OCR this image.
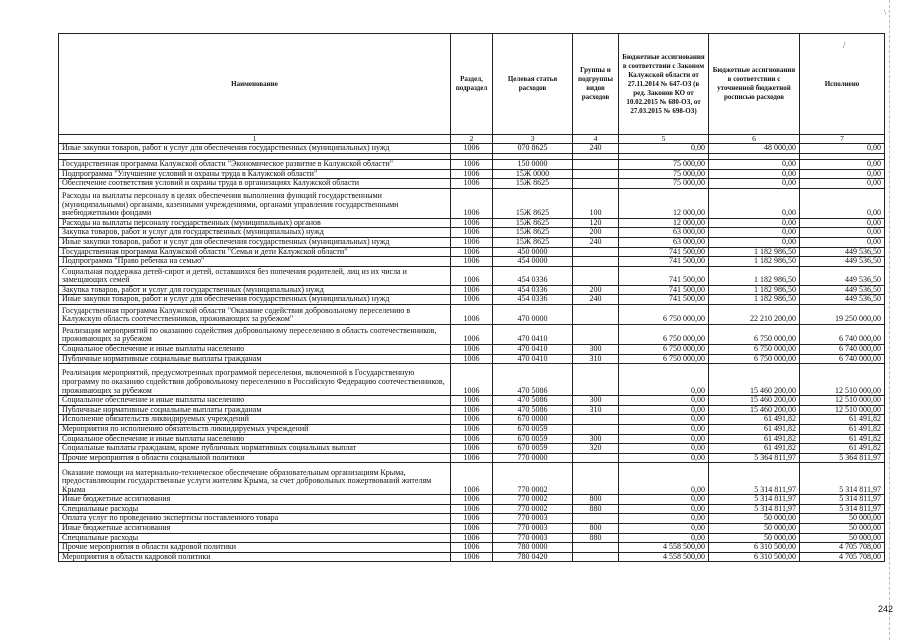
/
\
Наименование	Раздел, подраздел	Целевая статья расходов	Группы и подгруппы видов расходов	Бюджетные ассигнования в соответствии с Законом Калужской области от 27.11.2014 № 647-ОЗ (в ред. Законов КО от 10.02.2015 № 680-ОЗ, от 27.03.2015 № 698-ОЗ)	Бюджетные ассигнования в соответствии с уточненной бюджетной росписью расходов	Исполнено
1	2	3	4	5	6	7
Иные закупки товаров, работ и услуг для обеспечения государственных (муниципальных) нужд	1006	070 8625	240	0,00	48 000,00	0,00

Государственная программа Калужской области "Экономическое развитие в Калужской области"	1006	150 0000		75 000,00	0,00	0,00
Подпрограмма "Улучшение условий и охраны труда в Калужской области"	1006	15Ж 0000		75 000,00	0,00	0,00
Обеспечение соответствия условий и охраны труда в организациях Калужской области	1006	15Ж 8625		75 000,00	0,00	0,00
Расходы на выплаты персоналу в целях обеспечения выполнения функций государственными (муниципальными) органами, казенными учреждениями, органами управления государственными внебюджетными фондами	1006	15Ж 8625	100	12 000,00	0,00	0,00
Расходы на выплаты персоналу государственных (муниципальных) органов	1006	15Ж 8625	120	12 000,00	0,00	0,00
Закупка товаров, работ и услуг для государственных (муниципальных) нужд	1006	15Ж 8625	200	63 000,00	0,00	0,00
Иные закупки товаров, работ и услуг для обеспечения государственных (муниципальных) нужд	1006	15Ж 8625	240	63 000,00	0,00	0,00
Государственная программа Калужской области "Семья и дети Калужской области"	1006	450 0000		741 500,00	1 182 986,50	449 536,50
Подпрограмма "Право ребенка на семью"	1006	454 0000		741 500,00	1 182 986,50	449 536,50
Социальная поддержка детей-сирот и детей, оставшихся без попечения родителей, лиц из их числа и замещающих семей	1006	454 0336		741 500,00	1 182 986,50	449 536,50
Закупка товаров, работ и услуг для государственных (муниципальных) нужд	1006	454 0336	200	741 500,00	1 182 986,50	449 536,50
Иные закупки товаров, работ и услуг для обеспечения государственных (муниципальных) нужд	1006	454 0336	240	741 500,00	1 182 986,50	449 536,50
Государственная программа Калужской области "Оказание содействия добровольному переселению в Калужскую область соотечественников, проживающих за рубежом"	1006	470 0000		6 750 000,00	22 210 200,00	19 250 000,00
Реализация мероприятий по оказанию содействия добровольному переселению в область соотечественников, проживающих за рубежом	1006	470 0410		6 750 000,00	6 750 000,00	6 740 000,00
Социальное обеспечение и иные выплаты населению	1006	470 0410	300	6 750 000,00	6 750 000,00	6 740 000,00
Публичные нормативные социальные выплаты гражданам	1006	470 0410	310	6 750 000,00	6 750 000,00	6 740 000,00
Реализация мероприятий, предусмотренных программой переселения, включенной в Государственную программу по оказанию содействия добровольному переселению в Российскую Федерацию соотечественников, проживающих за рубежом	1006	470 5086		0,00	15 460 200,00	12 510 000,00
Социальное обеспечение и иные выплаты населению	1006	470 5086	300	0,00	15 460 200,00	12 510 000,00
Публичные нормативные социальные выплаты гражданам	1006	470 5086	310	0,00	15 460 200,00	12 510 000,00
Исполнение обязательств ликвидируемых учреждений	1006	670 0000		0,00	61 491,82	61 491,82
Мероприятия по исполнению обязательств ликвидируемых учреждений	1006	670 0059		0,00	61 491,82	61 491,82
Социальное обеспечение и иные выплаты населению	1006	670 0059	300	0,00	61 491,82	61 491,82
Социальные выплаты гражданам, кроме публичных нормативных социальных выплат	1006	670 0059	320	0,00	61 491,82	61 491,82
Прочие мероприятия в области социальной политики	1006	770 0000		0,00	5 364 811,97	5 364 811,97
Оказание помощи на материально-техническое обеспечение образовательным организациям Крыма, предоставляющим государственные услуги жителям Крыма, за счет добровольных пожертвований жителям Крыма	1006	770 0002		0,00	5 314 811,97	5 314 811,97
Иные бюджетные ассигнования	1006	770 0002	800	0,00	5 314 811,97	5 314 811,97
Специальные расходы	1006	770 0002	880	0,00	5 314 811,97	5 314 811,97
Оплата услуг по проведению экспертизы поставленного товара	1006	770 0003		0,00	50 000,00	50 000,00
Иные бюджетные ассигнования	1006	770 0003	800	0,00	50 000,00	50 000,00
Специальные расходы	1006	770 0003	880	0,00	50 000,00	50 000,00
Прочие мероприятия в области кадровой политики	1006	780 0000		4 558 500,00	6 310 500,00	4 705 708,00
Мероприятия в области кадровой политики	1006	780 0420		4 558 500,00	6 310 500,00	4 705 708,00
242
